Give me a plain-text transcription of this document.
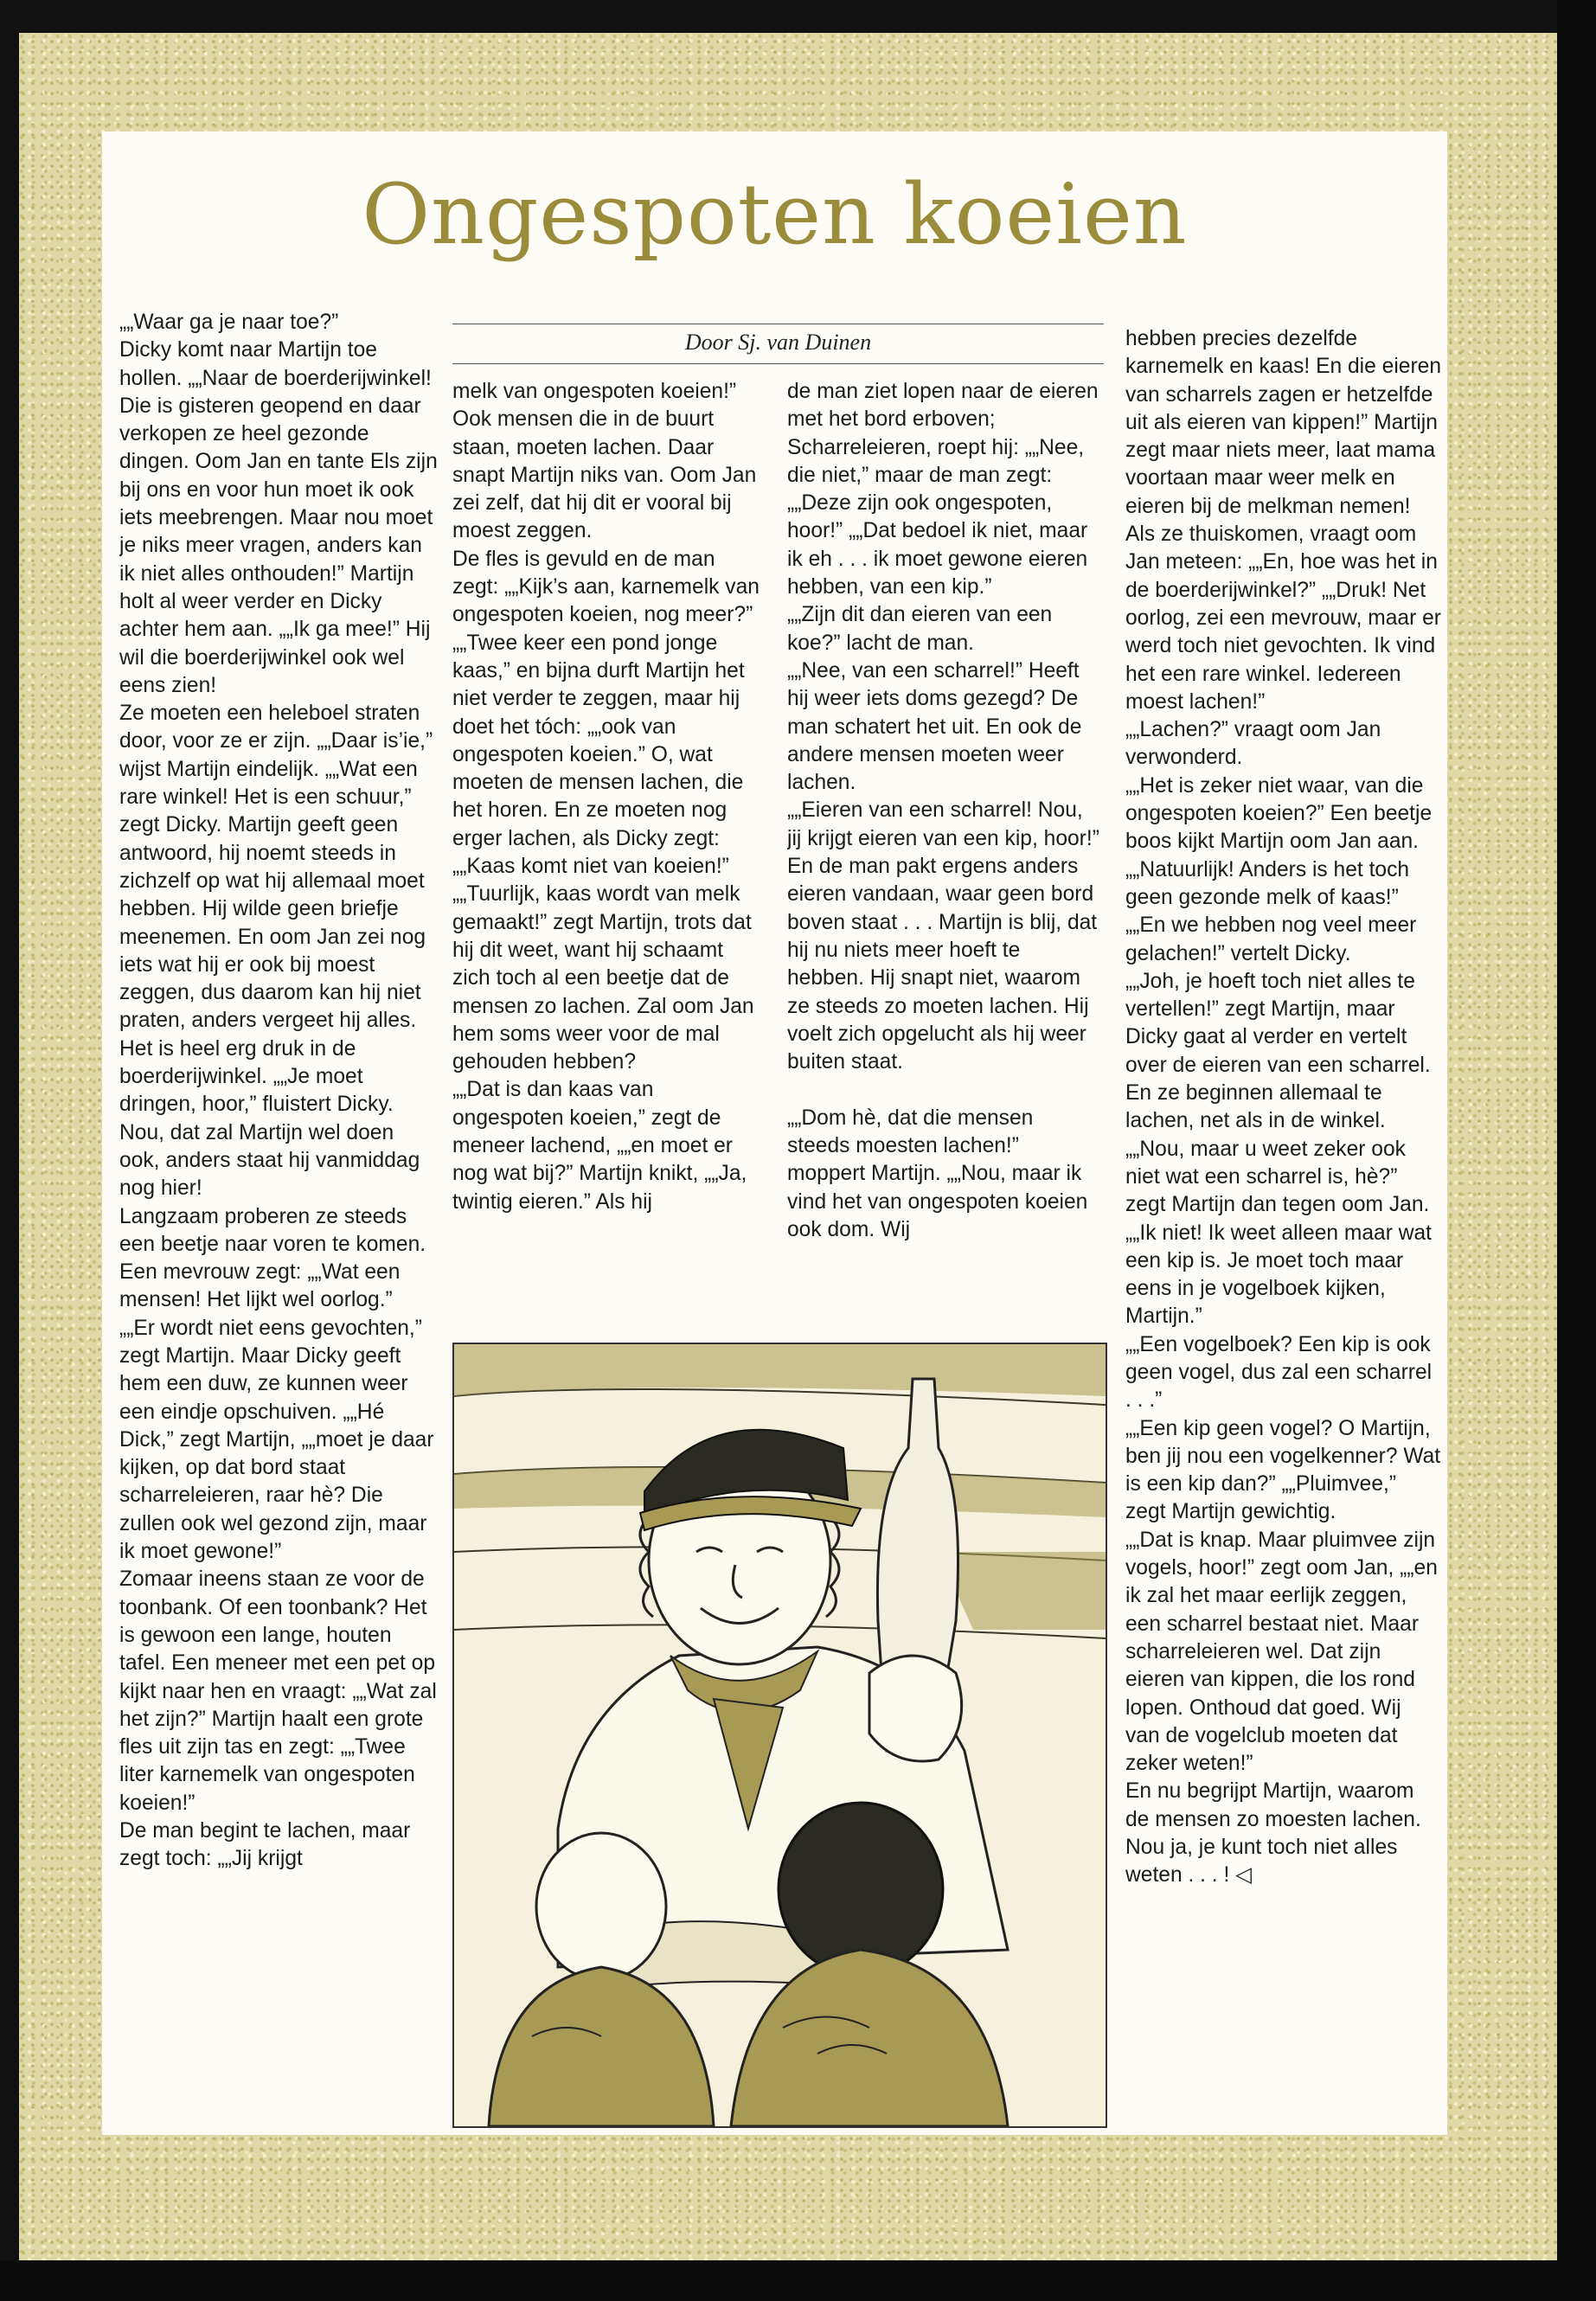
Ongespoten koeien
Door Sj. van Duinen
„„Waar ga je naar toe?”
Dicky komt naar Martijn toe hollen. „„Naar de boerderijwinkel! Die is gisteren geopend en daar verkopen ze heel gezonde dingen. Oom Jan en tante Els zijn bij ons en voor hun moet ik ook iets meebrengen. Maar nou moet je niks meer vragen, anders kan ik niet alles onthouden!” Martijn holt al weer verder en Dicky achter hem aan. „„Ik ga mee!” Hij wil die boerderijwinkel ook wel eens zien!
Ze moeten een heleboel straten door, voor ze er zijn. „„Daar is’ie,” wijst Martijn eindelijk. „„Wat een rare winkel! Het is een schuur,” zegt Dicky. Martijn geeft geen antwoord, hij noemt steeds in zichzelf op wat hij allemaal moet hebben. Hij wilde geen briefje meenemen. En oom Jan zei nog iets wat hij er ook bij moest zeggen, dus daarom kan hij niet praten, anders vergeet hij alles.
Het is heel erg druk in de boerderijwinkel. „„Je moet dringen, hoor,” fluistert Dicky. Nou, dat zal Martijn wel doen ook, anders staat hij vanmiddag nog hier!
Langzaam proberen ze steeds een beetje naar voren te komen. Een mevrouw zegt: „„Wat een mensen! Het lijkt wel oorlog.”
„„Er wordt niet eens gevochten,” zegt Martijn. Maar Dicky geeft hem een duw, ze kunnen weer een eindje opschuiven. „„Hé Dick,” zegt Martijn, „„moet je daar kijken, op dat bord staat scharreleieren, raar hè? Die zullen ook wel gezond zijn, maar ik moet gewone!”
Zomaar ineens staan ze voor de toonbank. Of een toonbank? Het is gewoon een lange, houten tafel. Een meneer met een pet op kijkt naar hen en vraagt: „„Wat zal het zijn?” Martijn haalt een grote fles uit zijn tas en zegt: „„Twee liter karnemelk van ongespoten koeien!”
De man begint te lachen, maar zegt toch: „„Jij krijgt
melk van ongespoten koeien!” Ook mensen die in de buurt staan, moeten lachen. Daar snapt Martijn niks van. Oom Jan zei zelf, dat hij dit er vooral bij moest zeggen.
De fles is gevuld en de man zegt: „„Kijk’s aan, karnemelk van ongespoten koeien, nog meer?” „„Twee keer een pond jonge kaas,” en bijna durft Martijn het niet verder te zeggen, maar hij doet het tóch: „„ook van ongespoten koeien.” O, wat moeten de mensen lachen, die het horen. En ze moeten nog erger lachen, als Dicky zegt: „„Kaas komt niet van koeien!”
„„Tuurlijk, kaas wordt van melk gemaakt!” zegt Martijn, trots dat hij dit weet, want hij schaamt zich toch al een beetje dat de mensen zo lachen. Zal oom Jan hem soms weer voor de mal gehouden hebben?
„„Dat is dan kaas van ongespoten koeien,” zegt de meneer lachend, „„en moet er nog wat bij?” Martijn knikt, „„Ja, twintig eieren.” Als hij
de man ziet lopen naar de eieren met het bord erboven; Scharreleieren, roept hij: „„Nee, die niet,” maar de man zegt: „„Deze zijn ook ongespoten, hoor!” „„Dat bedoel ik niet, maar ik eh . . . ik moet gewone eieren hebben, van een kip.”
„„Zijn dit dan eieren van een koe?” lacht de man.
„„Nee, van een scharrel!” Heeft hij weer iets doms gezegd? De man schatert het uit. En ook de andere mensen moeten weer lachen.
„„Eieren van een scharrel! Nou, jij krijgt eieren van een kip, hoor!” En de man pakt ergens anders eieren vandaan, waar geen bord boven staat . . . Martijn is blij, dat hij nu niets meer hoeft te hebben. Hij snapt niet, waarom ze steeds zo moeten lachen. Hij voelt zich opgelucht als hij weer buiten staat.

„„Dom hè, dat die mensen steeds moesten lachen!” moppert Martijn. „„Nou, maar ik vind het van ongespoten koeien ook dom. Wij
hebben precies dezelfde karnemelk en kaas! En die eieren van scharrels zagen er hetzelfde uit als eieren van kippen!” Martijn zegt maar niets meer, laat mama voortaan maar weer melk en eieren bij de melkman nemen!
Als ze thuiskomen, vraagt oom Jan meteen: „„En, hoe was het in de boerderijwinkel?” „„Druk! Net oorlog, zei een mevrouw, maar er werd toch niet gevochten. Ik vind het een rare winkel. Iedereen moest lachen!”
„„Lachen?” vraagt oom Jan verwonderd.
„„Het is zeker niet waar, van die ongespoten koeien?” Een beetje boos kijkt Martijn oom Jan aan. „„Natuurlijk! Anders is het toch geen gezonde melk of kaas!” „„En we hebben nog veel meer gelachen!” vertelt Dicky.
„„Joh, je hoeft toch niet alles te vertellen!” zegt Martijn, maar Dicky gaat al verder en vertelt over de eieren van een scharrel. En ze beginnen allemaal te lachen, net als in de winkel.
„„Nou, maar u weet zeker ook niet wat een scharrel is, hè?” zegt Martijn dan tegen oom Jan. „„Ik niet! Ik weet alleen maar wat een kip is. Je moet toch maar eens in je vogelboek kijken, Martijn.”
„„Een vogelboek? Een kip is ook geen vogel, dus zal een scharrel . . .”
„„Een kip geen vogel? O Martijn, ben jij nou een vogelkenner? Wat is een kip dan?” „„Pluimvee,” zegt Martijn gewichtig.
„„Dat is knap. Maar pluimvee zijn vogels, hoor!” zegt oom Jan, „„en ik zal het maar eerlijk zeggen, een scharrel bestaat niet. Maar scharreleieren wel. Dat zijn eieren van kippen, die los rond lopen. Onthoud dat goed. Wij van de vogelclub moeten dat zeker weten!”
En nu begrijpt Martijn, waarom de mensen zo moesten lachen. Nou ja, je kunt toch niet alles weten . . . ! ◁
